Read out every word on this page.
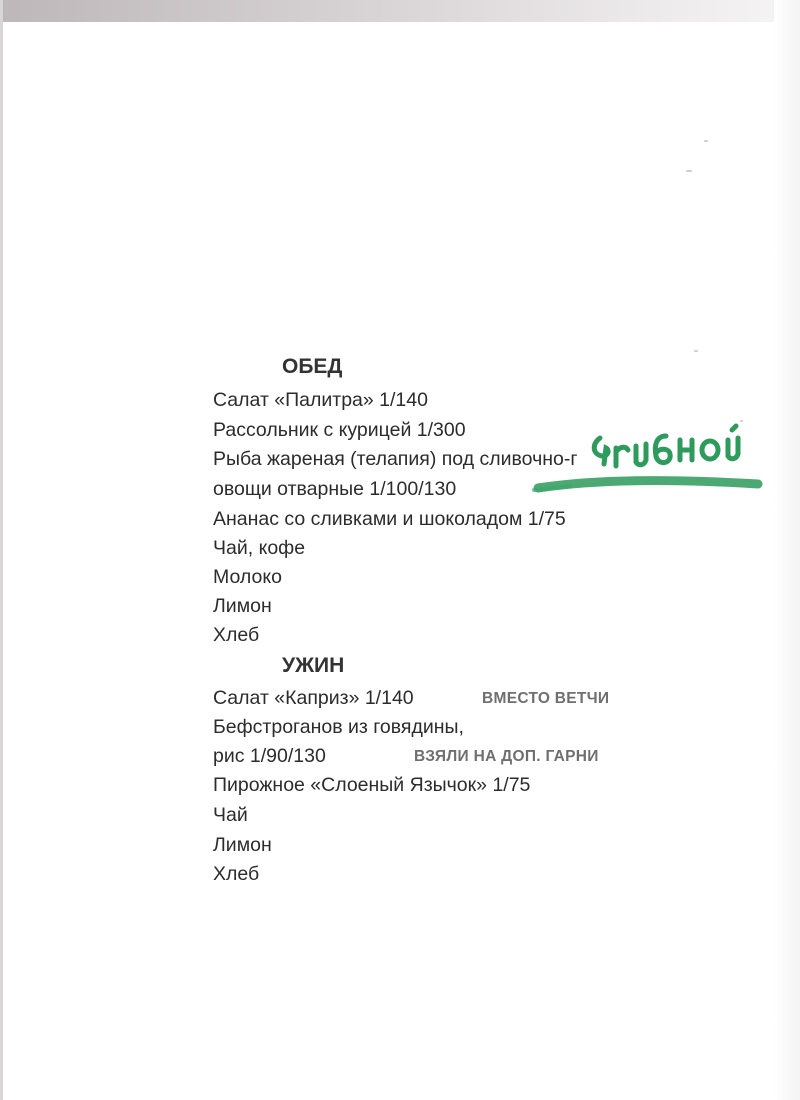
ОБЕД
Салат «Палитра» 1/140
Рассольник с курицей 1/300
Рыба жареная (телапия) под сливочно-г
овощи отварные 1/100/130
Ананас со сливками и шоколадом 1/75
Чай, кофе
Молоко
Лимон
Хлеб
УЖИН
Салат «Каприз» 1/140	ВМЕСТО ВЕТЧИ
Бефстроганов из говядины,
рис 1/90/130	ВЗЯЛИ НА ДОП. ГАРНИ
Пирожное «Слоеный Язычок» 1/75
Чай
Лимон
Хлеб
